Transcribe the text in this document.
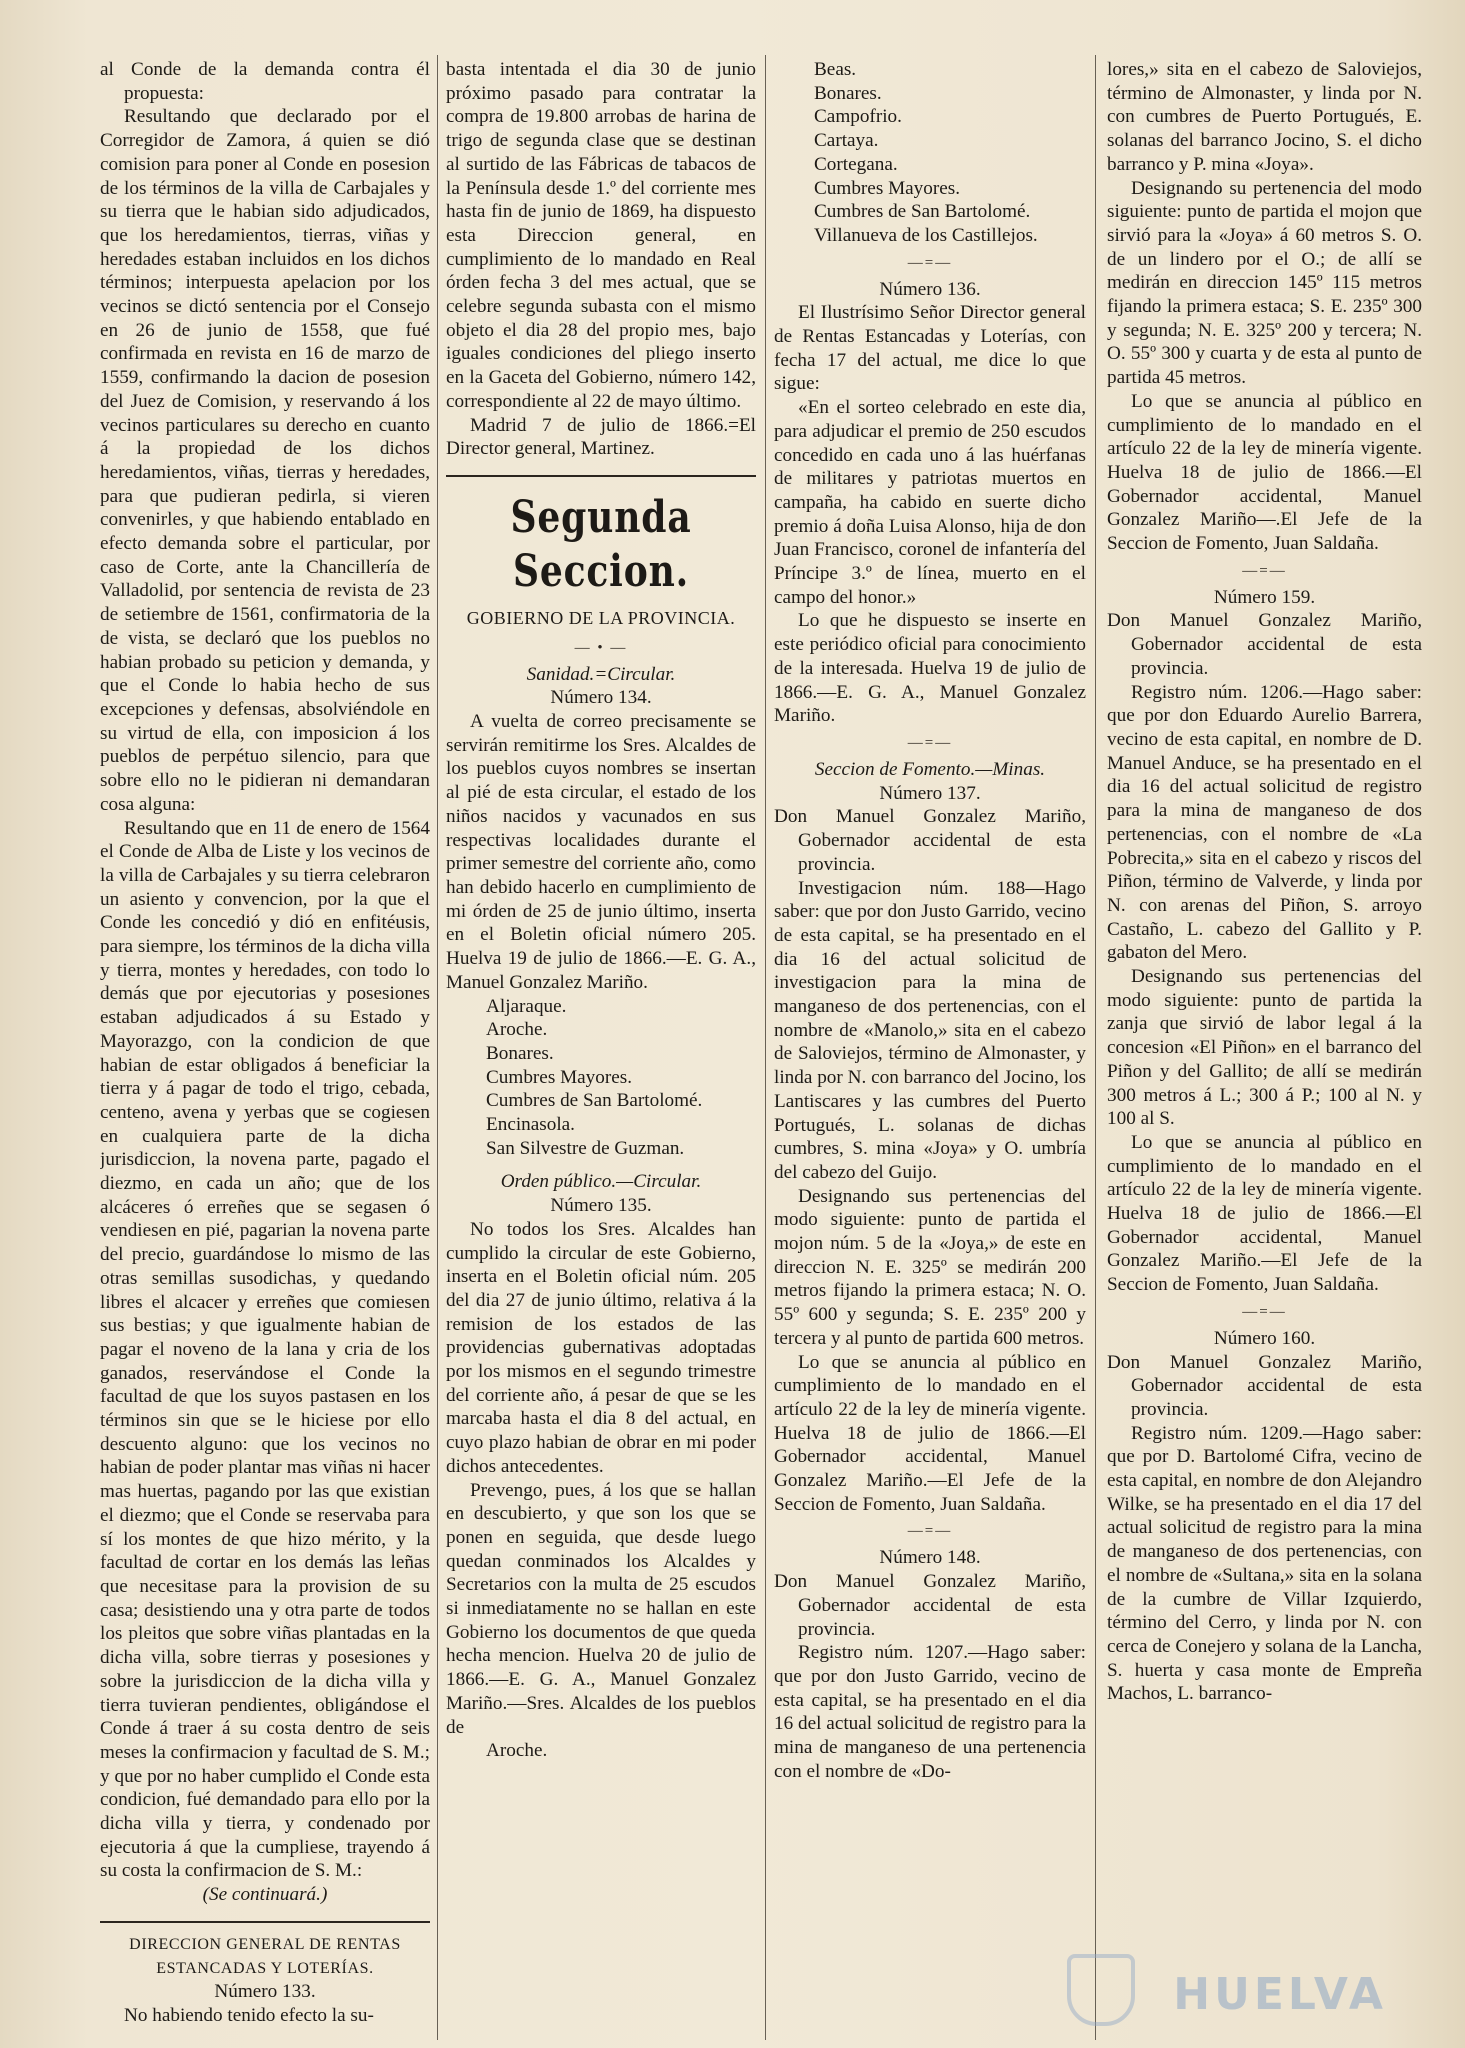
al Conde de la demanda contra él propuesta:

Resultando que declarado por el Corregidor de Zamora, á quien se dió comision para poner al Conde en posesion de los términos de la villa de Carbajales y su tierra que le habian sido adjudicados, que los heredamientos, tierras, viñas y heredades estaban incluidos en los dichos términos; interpuesta apelacion por los vecinos se dictó sentencia por el Consejo en 26 de junio de 1558, que fué confirmada en revista en 16 de marzo de 1559, confirmando la dacion de posesion del Juez de Comision, y reservando á los vecinos particulares su derecho en cuanto á la propiedad de los dichos heredamientos, viñas, tierras y heredades, para que pudieran pedirla, si vieren convenirles, y que habiendo entablado en efecto demanda sobre el particular, por caso de Corte, ante la Chancillería de Valladolid, por sentencia de revista de 23 de setiembre de 1561, confirmatoria de la de vista, se declaró que los pueblos no habian probado su peticion y demanda, y que el Conde lo habia hecho de sus excepciones y defensas, absolviéndole en su virtud de ella, con imposicion á los pueblos de perpétuo silencio, para que sobre ello no le pidieran ni demandaran cosa alguna:

Resultando que en 11 de enero de 1564 el Conde de Alba de Liste y los vecinos de la villa de Carbajales y su tierra celebraron un asiento y convencion, por la que el Conde les concedió y dió en enfitéusis, para siempre, los términos de la dicha villa y tierra, montes y heredades, con todo lo demás que por ejecutorias y posesiones estaban adjudicados á su Estado y Mayorazgo, con la condicion de que habian de estar obligados á beneficiar la tierra y á pagar de todo el trigo, cebada, centeno, avena y yerbas que se cogiesen en cualquiera parte de la dicha jurisdiccion, la novena parte, pagado el diezmo, en cada un año; que de los alcáceres ó erreñes que se segasen ó vendiesen en pié, pagarian la novena parte del precio, guardándose lo mismo de las otras semillas susodichas, y quedando libres el alcacer y erreñes que comiesen sus bestias; y que igualmente habian de pagar el noveno de la lana y cria de los ganados, reservándose el Conde la facultad de que los suyos pastasen en los términos sin que se le hiciese por ello descuento alguno: que los vecinos no habian de poder plantar mas viñas ni hacer mas huertas, pagando por las que existian el diezmo; que el Conde se reservaba para sí los montes de que hizo mérito, y la facultad de cortar en los demás las leñas que necesitase para la provision de su casa; desistiendo una y otra parte de todos los pleitos que sobre viñas plantadas en la dicha villa, sobre tierras y posesiones y sobre la jurisdiccion de la dicha villa y tierra tuvieran pendientes, obligándose el Conde á traer á su costa dentro de seis meses la confirmacion y facultad de S. M.; y que por no haber cumplido el Conde esta condicion, fué demandado para ello por la dicha villa y tierra, y condenado por ejecutoria á que la cumpliese, trayendo á su costa la confirmacion de S. M.:

(Se continuará.)

DIRECCION GENERAL DE RENTAS ESTANCADAS Y LOTERÍAS.

Número 133.

No habiendo tenido efecto la su-

basta intentada el dia 30 de junio próximo pasado para contratar la compra de 19.800 arrobas de harina de trigo de segunda clase que se destinan al surtido de las Fábricas de tabacos de la Península desde 1.º del corriente mes hasta fin de junio de 1869, ha dispuesto esta Direccion general, en cumplimiento de lo mandado en Real órden fecha 3 del mes actual, que se celebre segunda subasta con el mismo objeto el dia 28 del propio mes, bajo iguales condiciones del pliego inserto en la Gaceta del Gobierno, número 142, correspondiente al 22 de mayo último.

Madrid 7 de julio de 1866.=El Director general, Martinez.

Segunda Seccion.
GOBIERNO DE LA PROVINCIA.
— • —

Sanidad.=Circular.

Número 134.

A vuelta de correo precisamente se servirán remitirme los Sres. Alcaldes de los pueblos cuyos nombres se insertan al pié de esta circular, el estado de los niños nacidos y vacunados en sus respectivas localidades durante el primer semestre del corriente año, como han debido hacerlo en cumplimiento de mi órden de 25 de junio último, inserta en el Boletin oficial número 205. Huelva 19 de julio de 1866.—E. G. A., Manuel Gonzalez Mariño.

Aljaraque.
Aroche.
Bonares.
Cumbres Mayores.
Cumbres de San Bartolomé.
Encinasola.
San Silvestre de Guzman.

Orden público.—Circular.

Número 135.

No todos los Sres. Alcaldes han cumplido la circular de este Gobierno, inserta en el Boletin oficial núm. 205 del dia 27 de junio último, relativa á la remision de los estados de las providencias gubernativas adoptadas por los mismos en el segundo trimestre del corriente año, á pesar de que se les marcaba hasta el dia 8 del actual, en cuyo plazo habian de obrar en mi poder dichos antecedentes.

Prevengo, pues, á los que se hallan en descubierto, y que son los que se ponen en seguida, que desde luego quedan conminados los Alcaldes y Secretarios con la multa de 25 escudos si inmediatamente no se hallan en este Gobierno los documentos de que queda hecha mencion. Huelva 20 de julio de 1866.—E. G. A., Manuel Gonzalez Mariño.—Sres. Alcaldes de los pueblos de

Aroche.
Beas.
Bonares.
Campofrio.
Cartaya.
Cortegana.
Cumbres Mayores.
Cumbres de San Bartolomé.
Villanueva de los Castillejos.
—=—

Número 136.

El Ilustrísimo Señor Director general de Rentas Estancadas y Loterías, con fecha 17 del actual, me dice lo que sigue:

«En el sorteo celebrado en este dia, para adjudicar el premio de 250 escudos concedido en cada uno á las huérfanas de militares y patriotas muertos en campaña, ha cabido en suerte dicho premio á doña Luisa Alonso, hija de don Juan Francisco, coronel de infantería del Príncipe 3.º de línea, muerto en el campo del honor.»

Lo que he dispuesto se inserte en este periódico oficial para conocimiento de la interesada. Huelva 19 de julio de 1866.—E. G. A., Manuel Gonzalez Mariño.

—=—

Seccion de Fomento.—Minas.

Número 137.

Don Manuel Gonzalez Mariño, Gobernador accidental de esta provincia.

Investigacion núm. 188—Hago saber: que por don Justo Garrido, vecino de esta capital, se ha presentado en el dia 16 del actual solicitud de investigacion para la mina de manganeso de dos pertenencias, con el nombre de «Manolo,» sita en el cabezo de Saloviejos, término de Almonaster, y linda por N. con barranco del Jocino, los Lantiscares y las cumbres del Puerto Portugués, L. solanas de dichas cumbres, S. mina «Joya» y O. umbría del cabezo del Guijo.

Designando sus pertenencias del modo siguiente: punto de partida el mojon núm. 5 de la «Joya,» de este en direccion N. E. 325º se medirán 200 metros fijando la primera estaca; N. O. 55º 600 y segunda; S. E. 235º 200 y tercera y al punto de partida 600 metros.

Lo que se anuncia al público en cumplimiento de lo mandado en el artículo 22 de la ley de minería vigente. Huelva 18 de julio de 1866.—El Gobernador accidental, Manuel Gonzalez Mariño.—El Jefe de la Seccion de Fomento, Juan Saldaña.

—=—

Número 148.

Don Manuel Gonzalez Mariño, Gobernador accidental de esta provincia.

Registro núm. 1207.—Hago saber: que por don Justo Garrido, vecino de esta capital, se ha presentado en el dia 16 del actual solicitud de registro para la mina de manganeso de una pertenencia con el nombre de «Do-

lores,» sita en el cabezo de Saloviejos, término de Almonaster, y linda por N. con cumbres de Puerto Portugués, E. solanas del barranco Jocino, S. el dicho barranco y P. mina «Joya».

Designando su pertenencia del modo siguiente: punto de partida el mojon que sirvió para la «Joya» á 60 metros S. O. de un lindero por el O.; de allí se medirán en direccion 145º 115 metros fijando la primera estaca; S. E. 235º 300 y segunda; N. E. 325º 200 y tercera; N. O. 55º 300 y cuarta y de esta al punto de partida 45 metros.

Lo que se anuncia al público en cumplimiento de lo mandado en el artículo 22 de la ley de minería vigente. Huelva 18 de julio de 1866.—El Gobernador accidental, Manuel Gonzalez Mariño—.El Jefe de la Seccion de Fomento, Juan Saldaña.

—=—

Número 159.

Don Manuel Gonzalez Mariño, Gobernador accidental de esta provincia.

Registro núm. 1206.—Hago saber: que por don Eduardo Aurelio Barrera, vecino de esta capital, en nombre de D. Manuel Anduce, se ha presentado en el dia 16 del actual solicitud de registro para la mina de manganeso de dos pertenencias, con el nombre de «La Pobrecita,» sita en el cabezo y riscos del Piñon, término de Valverde, y linda por N. con arenas del Piñon, S. arroyo Castaño, L. cabezo del Gallito y P. gabaton del Mero.

Designando sus pertenencias del modo siguiente: punto de partida la zanja que sirvió de labor legal á la concesion «El Piñon» en el barranco del Piñon y del Gallito; de allí se medirán 300 metros á L.; 300 á P.; 100 al N. y 100 al S.

Lo que se anuncia al público en cumplimiento de lo mandado en el artículo 22 de la ley de minería vigente. Huelva 18 de julio de 1866.—El Gobernador accidental, Manuel Gonzalez Mariño.—El Jefe de la Seccion de Fomento, Juan Saldaña.

—=—

Número 160.

Don Manuel Gonzalez Mariño, Gobernador accidental de esta provincia.

Registro núm. 1209.—Hago saber: que por D. Bartolomé Cifra, vecino de esta capital, en nombre de don Alejandro Wilke, se ha presentado en el dia 17 del actual solicitud de registro para la mina de manganeso de dos pertenencias, con el nombre de «Sultana,» sita en la solana de la cumbre de Villar Izquierdo, término del Cerro, y linda por N. con cerca de Conejero y solana de la Lancha, S. huerta y casa monte de Empreña Machos, L. barranco-

HUELVA
